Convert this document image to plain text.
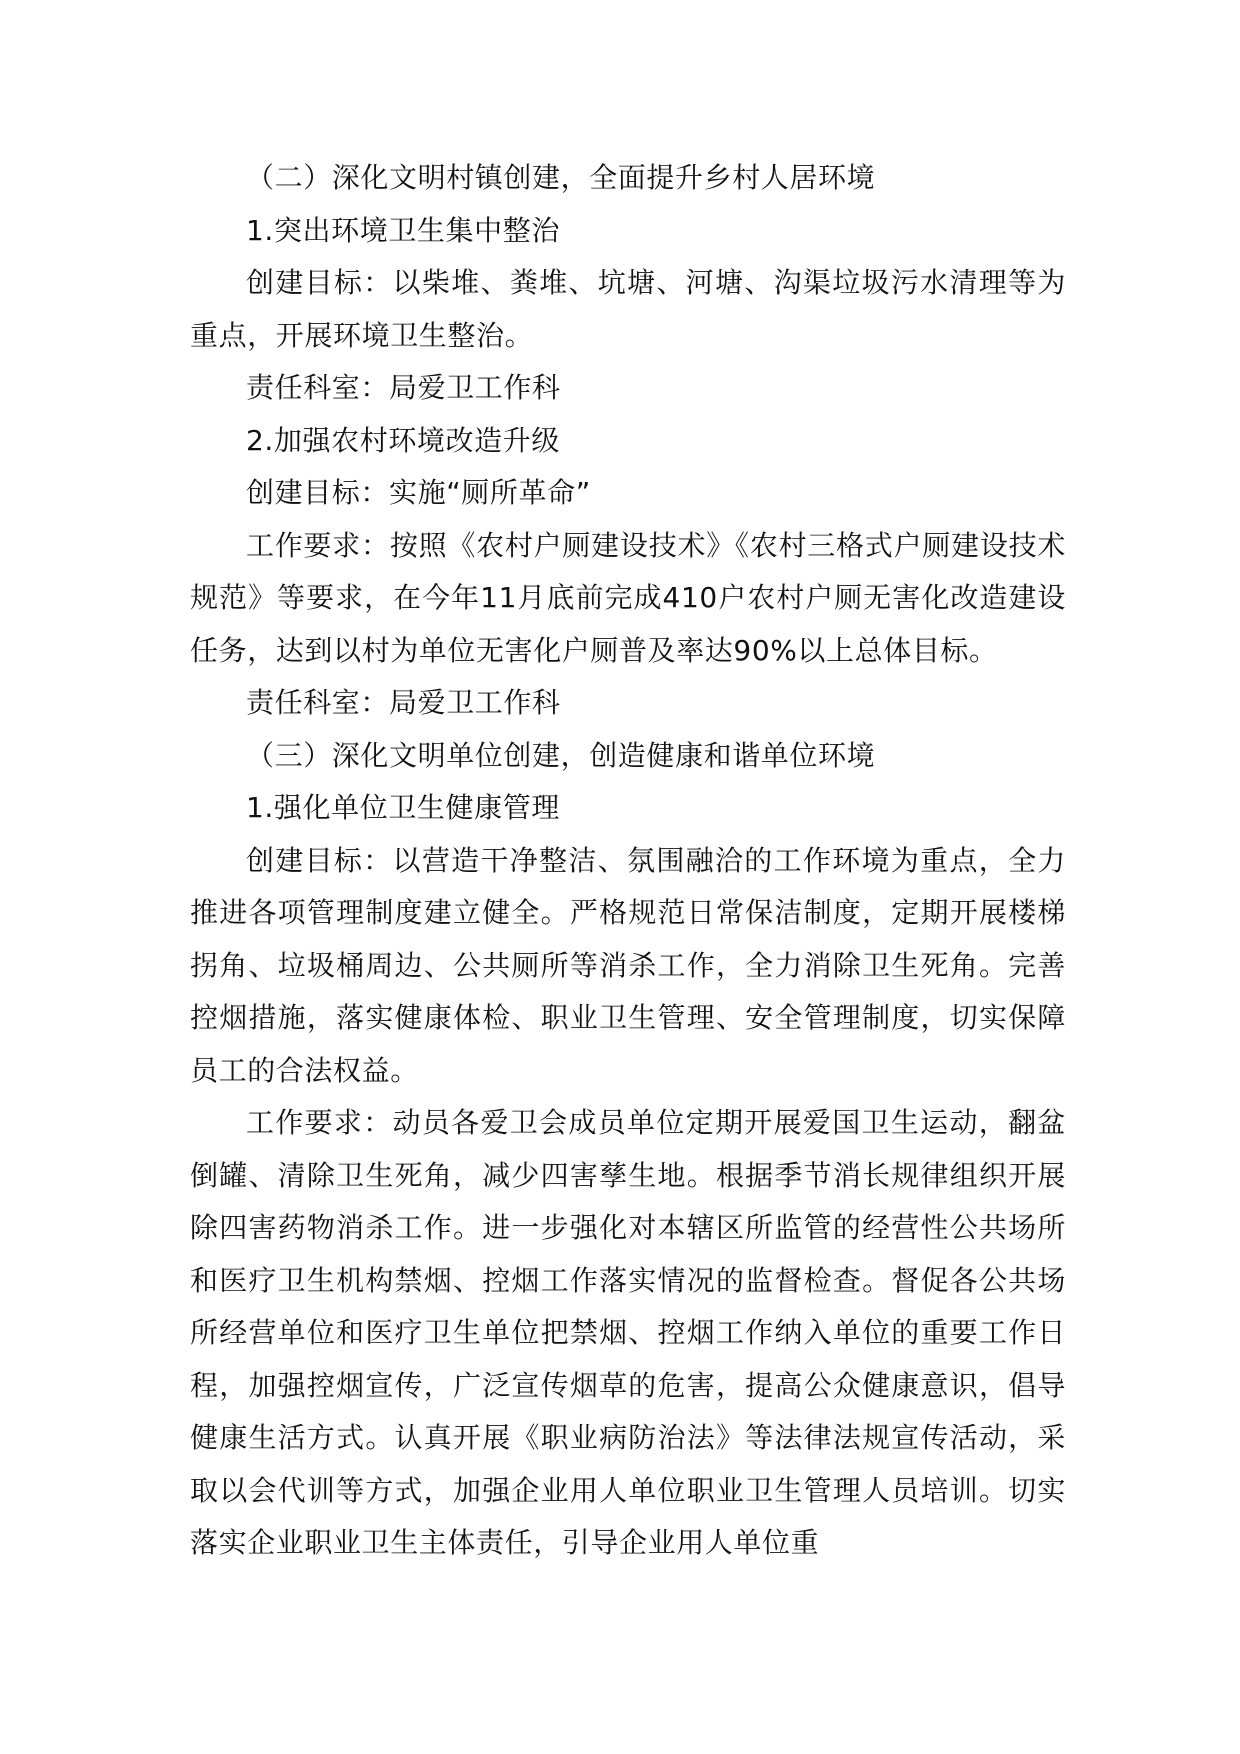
（二）深化文明村镇创建，全面提升乡村人居环境

1.突出环境卫生集中整治

创建目标：以柴堆、粪堆、坑塘、河塘、沟渠垃圾污水清理等为重点，开展环境卫生整治。

责任科室：局爱卫工作科

2.加强农村环境改造升级

创建目标：实施“厕所革命”

工作要求：按照《农村户厕建设技术》《农村三格式户厕建设技术规范》等要求，在今年11月底前完成410户农村户厕无害化改造建设任务，达到以村为单位无害化户厕普及率达90%以上总体目标。

责任科室：局爱卫工作科

（三）深化文明单位创建，创造健康和谐单位环境

1.强化单位卫生健康管理

创建目标：以营造干净整洁、氛围融洽的工作环境为重点，全力推进各项管理制度建立健全。严格规范日常保洁制度，定期开展楼梯拐角、垃圾桶周边、公共厕所等消杀工作，全力消除卫生死角。完善控烟措施，落实健康体检、职业卫生管理、安全管理制度，切实保障员工的合法权益。

工作要求：动员各爱卫会成员单位定期开展爱国卫生运动，翻盆倒罐、清除卫生死角，减少四害孳生地。根据季节消长规律组织开展除四害药物消杀工作。进一步强化对本辖区所监管的经营性公共场所和医疗卫生机构禁烟、控烟工作落实情况的监督检查。督促各公共场所经营单位和医疗卫生单位把禁烟、控烟工作纳入单位的重要工作日程，加强控烟宣传，广泛宣传烟草的危害，提高公众健康意识，倡导健康生活方式。认真开展《职业病防治法》等法律法规宣传活动，采取以会代训等方式，加强企业用人单位职业卫生管理人员培训。切实落实企业职业卫生主体责任，引导企业用人单位重
